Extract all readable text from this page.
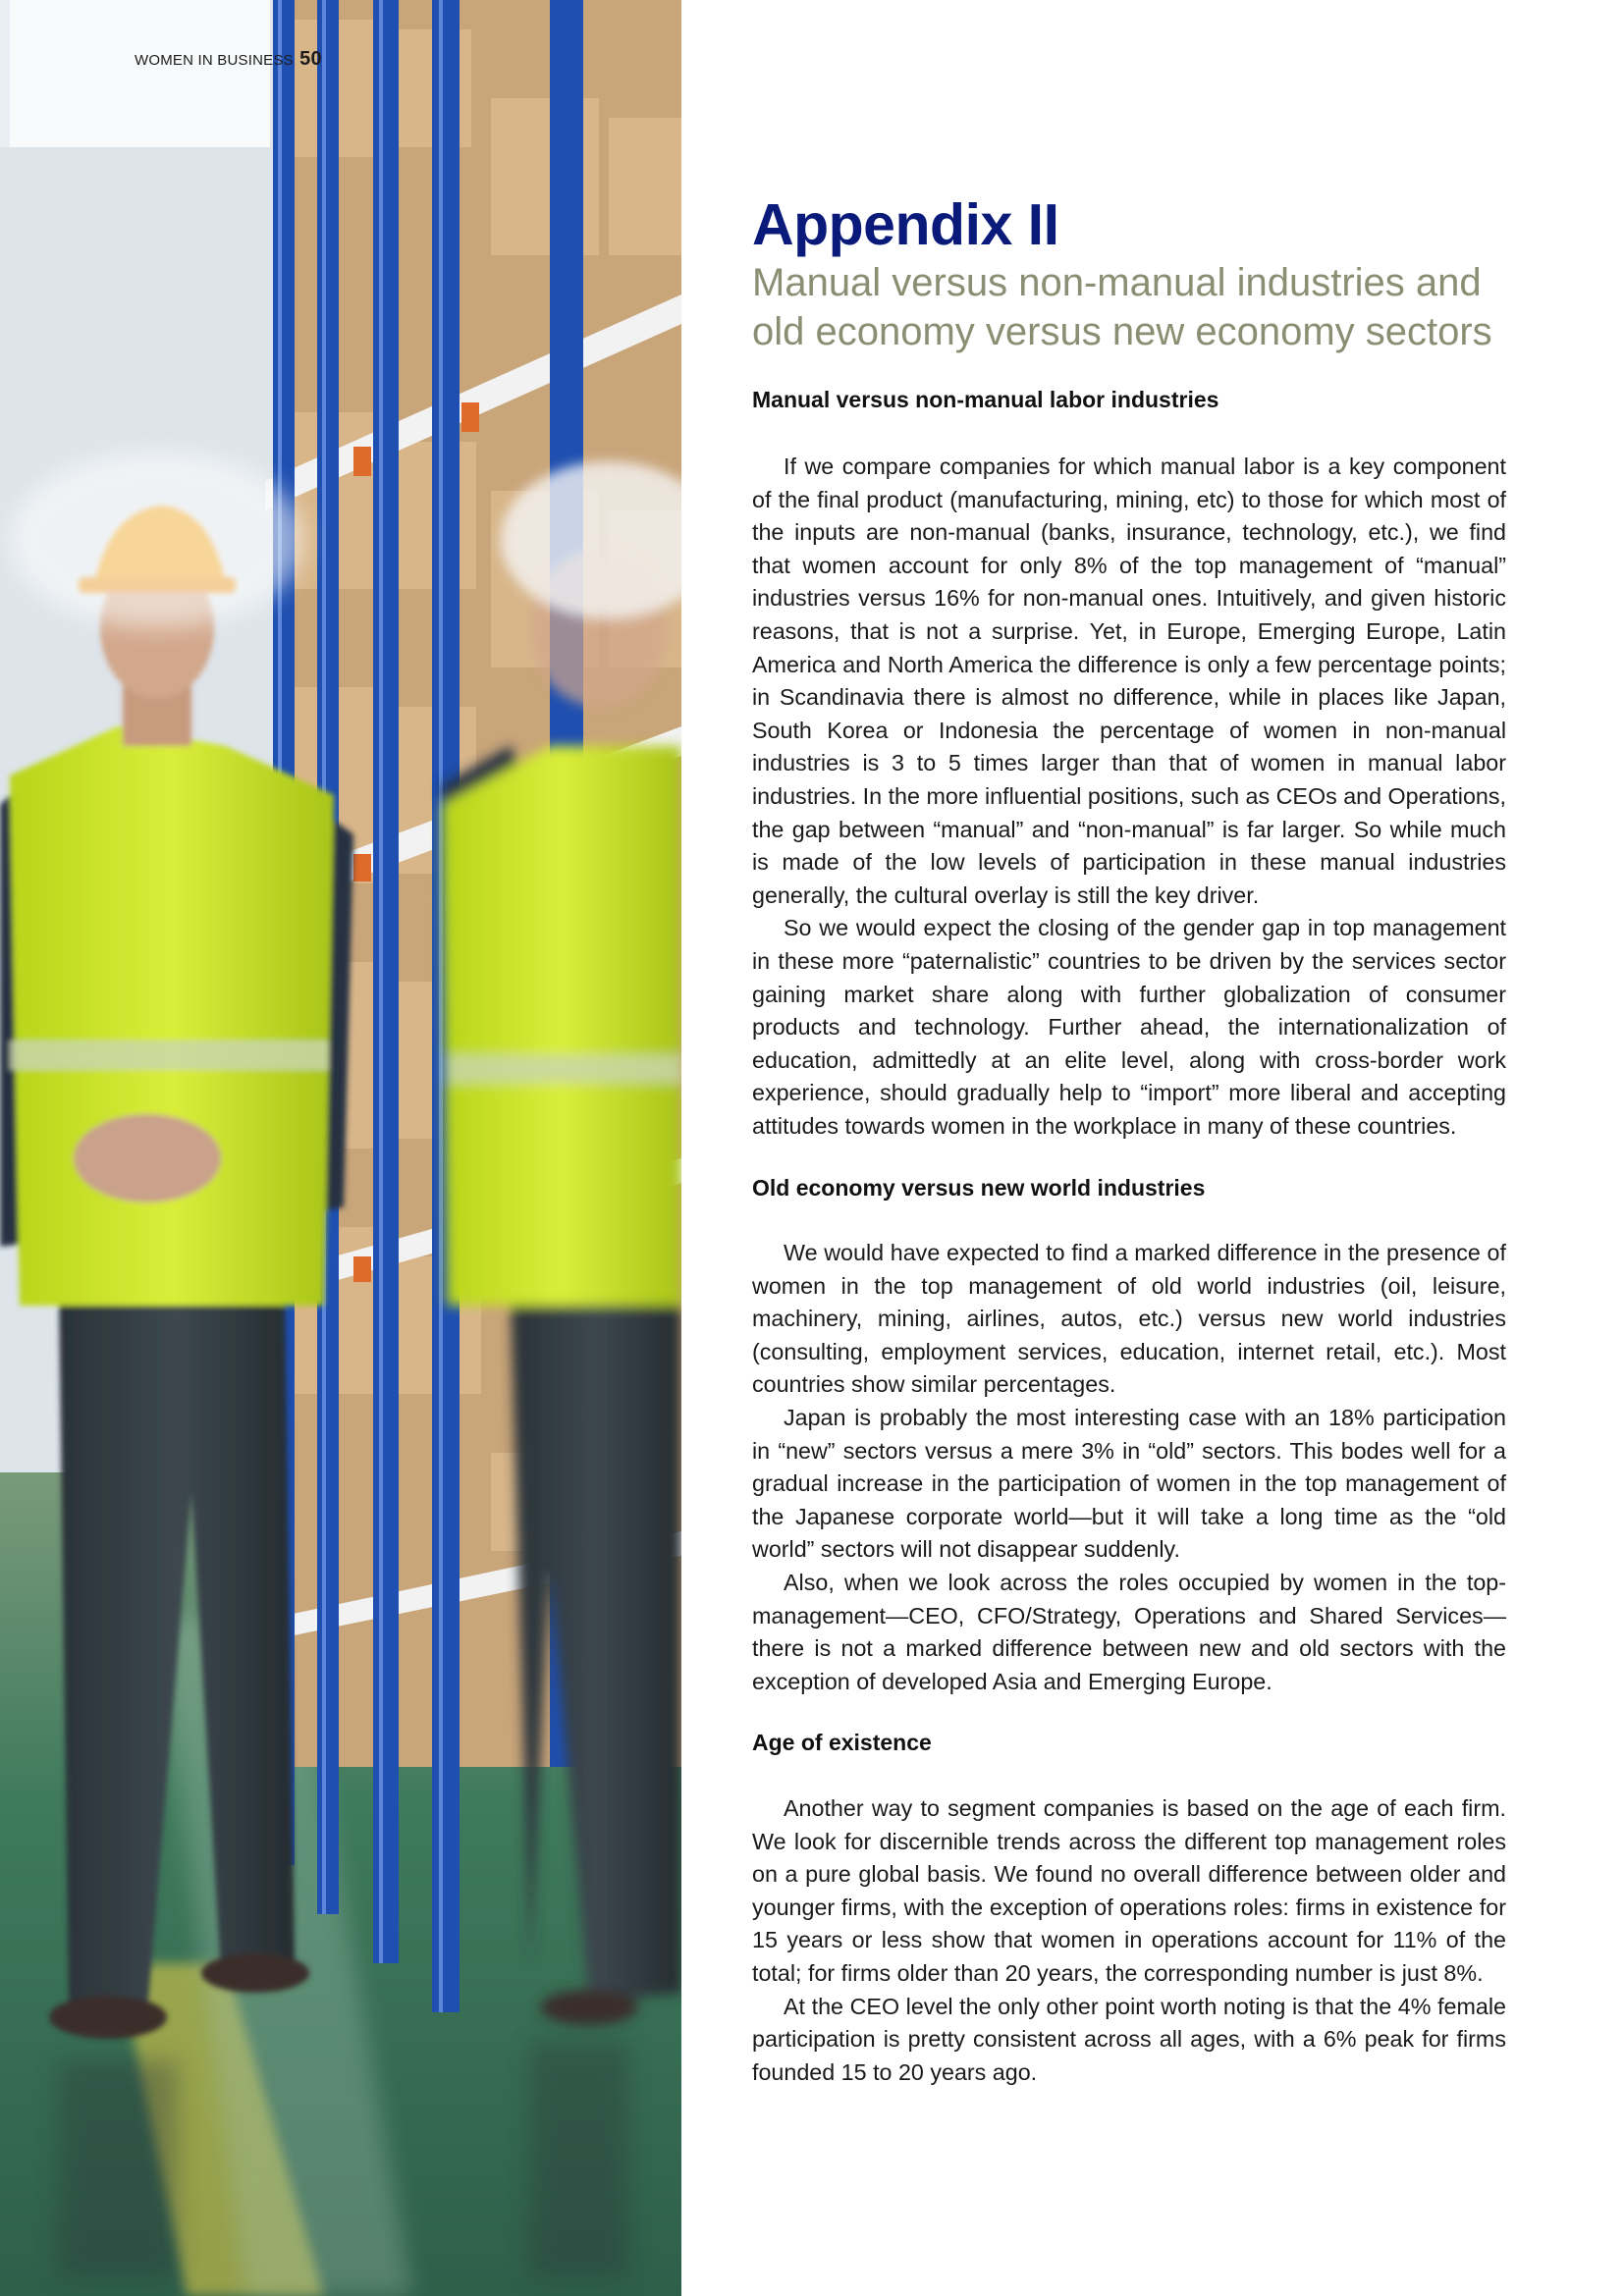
WOMEN IN BUSINESS 50
Appendix II
Manual versus non-manual industries and old economy versus new economy sectors
Manual versus non-manual labor industries

If we compare companies for which manual labor is a key component of the final product (manufacturing, mining, etc) to those for which most of the inputs are non-manual (banks, insurance, technology, etc.), we find that women account for only 8% of the top management of “manual” industries versus 16% for non-manual ones. Intuitively, and given historic reasons, that is not a surprise. Yet, in Europe, Emerging Europe, Latin America and North America the difference is only a few percentage points; in Scandinavia there is almost no difference, while in places like Japan, South Korea or Indonesia the percentage of women in non-manual industries is 3 to 5 times larger than that of women in manual labor industries. In the more influential positions, such as CEOs and Operations, the gap between “manual” and “non-manual” is far larger. So while much is made of the low levels of participation in these manual industries generally, the cultural overlay is still the key driver.

So we would expect the closing of the gender gap in top management in these more “paternalistic” countries to be driven by the services sector gaining market share along with further globalization of consumer products and technology. Further ahead, the internationalization of education, admittedly at an elite level, along with cross-border work experience, should gradually help to “import” more liberal and accepting attitudes towards women in the workplace in many of these countries.

Old economy versus new world industries

We would have expected to find a marked difference in the presence of women in the top management of old world industries (oil, leisure, machinery, mining, airlines, autos, etc.) versus new world industries (consulting, employment services, education, internet retail, etc.). Most countries show similar percentages.

Japan is probably the most interesting case with an 18% participation in “new” sectors versus a mere 3% in “old” sectors. This bodes well for a gradual increase in the participation of women in the top management of the Japanese corporate world—but it will take a long time as the “old world” sectors will not disappear suddenly.

Also, when we look across the roles occupied by women in the top-management—CEO, CFO/Strategy, Operations and Shared Services—there is not a marked difference between new and old sectors with the exception of developed Asia and Emerging Europe.

Age of existence

Another way to segment companies is based on the age of each firm. We look for discernible trends across the different top management roles on a pure global basis. We found no overall difference between older and younger firms, with the exception of operations roles: firms in existence for 15 years or less show that women in operations account for 11% of the total; for firms older than 20 years, the corresponding number is just 8%.

At the CEO level the only other point worth noting is that the 4% female participation is pretty consistent across all ages, with a 6% peak for firms founded 15 to 20 years ago.
